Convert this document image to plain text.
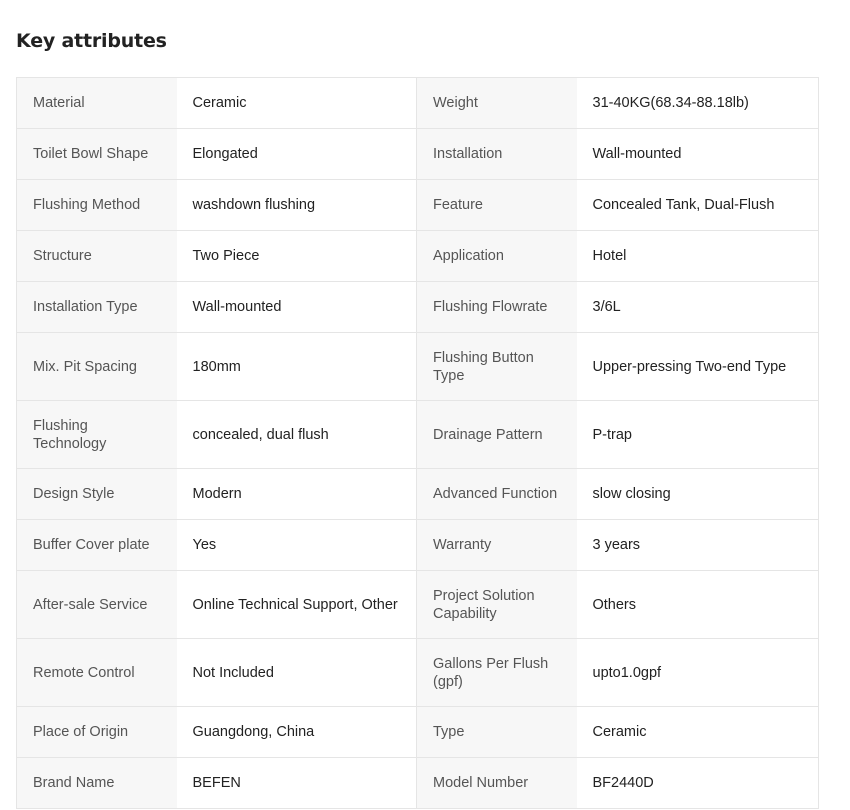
Key attributes
Material	Ceramic	Weight	31-40KG(68.34-88.18lb)
Toilet Bowl Shape	Elongated	Installation	Wall-mounted
Flushing Method	washdown flushing	Feature	Concealed Tank, Dual-Flush
Structure	Two Piece	Application	Hotel
Installation Type	Wall-mounted	Flushing Flowrate	3/6L
Mix. Pit Spacing	180mm	Flushing Button Type	Upper-pressing Two-end Type
Flushing Technology	concealed, dual flush	Drainage Pattern	P-trap
Design Style	Modern	Advanced Function	slow closing
Buffer Cover plate	Yes	Warranty	3 years
After-sale Service	Online Technical Support, Other	Project Solution Capability	Others
Remote Control	Not Included	Gallons Per Flush (gpf)	upto1.0gpf
Place of Origin	Guangdong, China	Type	Ceramic
Brand Name	BEFEN	Model Number	BF2440D
